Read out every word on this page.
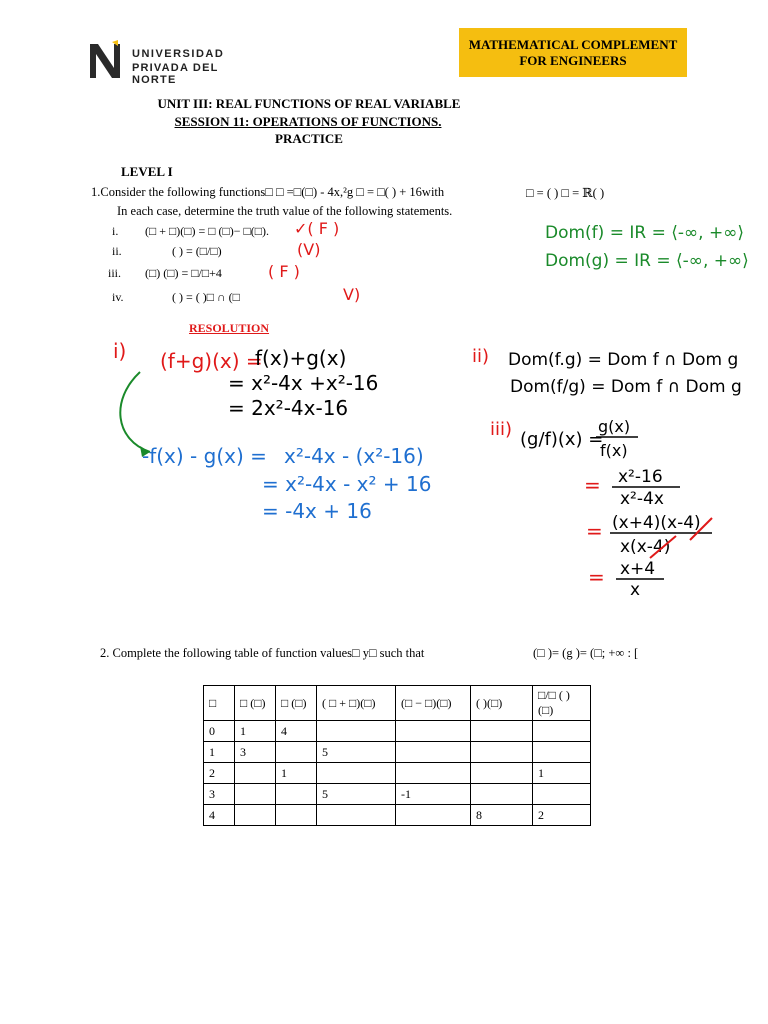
UNIVERSIDAD
PRIVADA DEL NORTE
MATHEMATICAL COMPLEMENT
FOR ENGINEERS
UNIT III: REAL FUNCTIONS OF REAL VARIABLE
SESSION 11: OPERATIONS OF FUNCTIONS.
PRACTICE
LEVEL I
1.Consider the following functions□ □ =□(□) - 4x,²g □ = □( ) + 16with	□ = ( ) □ = ℝ( )
In each case, determine the truth value of the following statements.
i. (□ + □)(□) = □ (□)− □(□). ✓( F )
ii.	( ) = (□/□)	(V)
iii. (□) (□) = □/□+4	( F )
iv.	( ) = ( )□ ∩ (□	V)
RESOLUTION
Dom(f) = IR = ⟨-∞, +∞⟩
Dom(g) = IR = ⟨-∞, +∞⟩
i)	ii)
iii)
(f+g)(x) =
f(x)+g(x)
= x²-4x +x²-16
= 2x²-4x-16
Dom(f.g) = Dom f ∩ Dom g
Dom(f/g) = Dom f ∩ Dom g
(g/f)(x) =
g(x)
f(x)
x²-16
x²-4x
(x+4)(x-4)
x(x-4)
x+4
x
=
=
=
-f(x) - g(x) = x²-4x - (x²-16)
= x²-4x - x² + 16
= -4x + 16
2. Complete the following table of function values□ y□ such that	(□ )= (g )= (□; +∞ : [
□	□ (□)	□ (□)	( □ + □)(□)	(□ − □)(□)	( )(□)	□/□ ( )(□)
0	1	4				
1	3		5			
2		1				1
3			5	-1		
4					8	2
